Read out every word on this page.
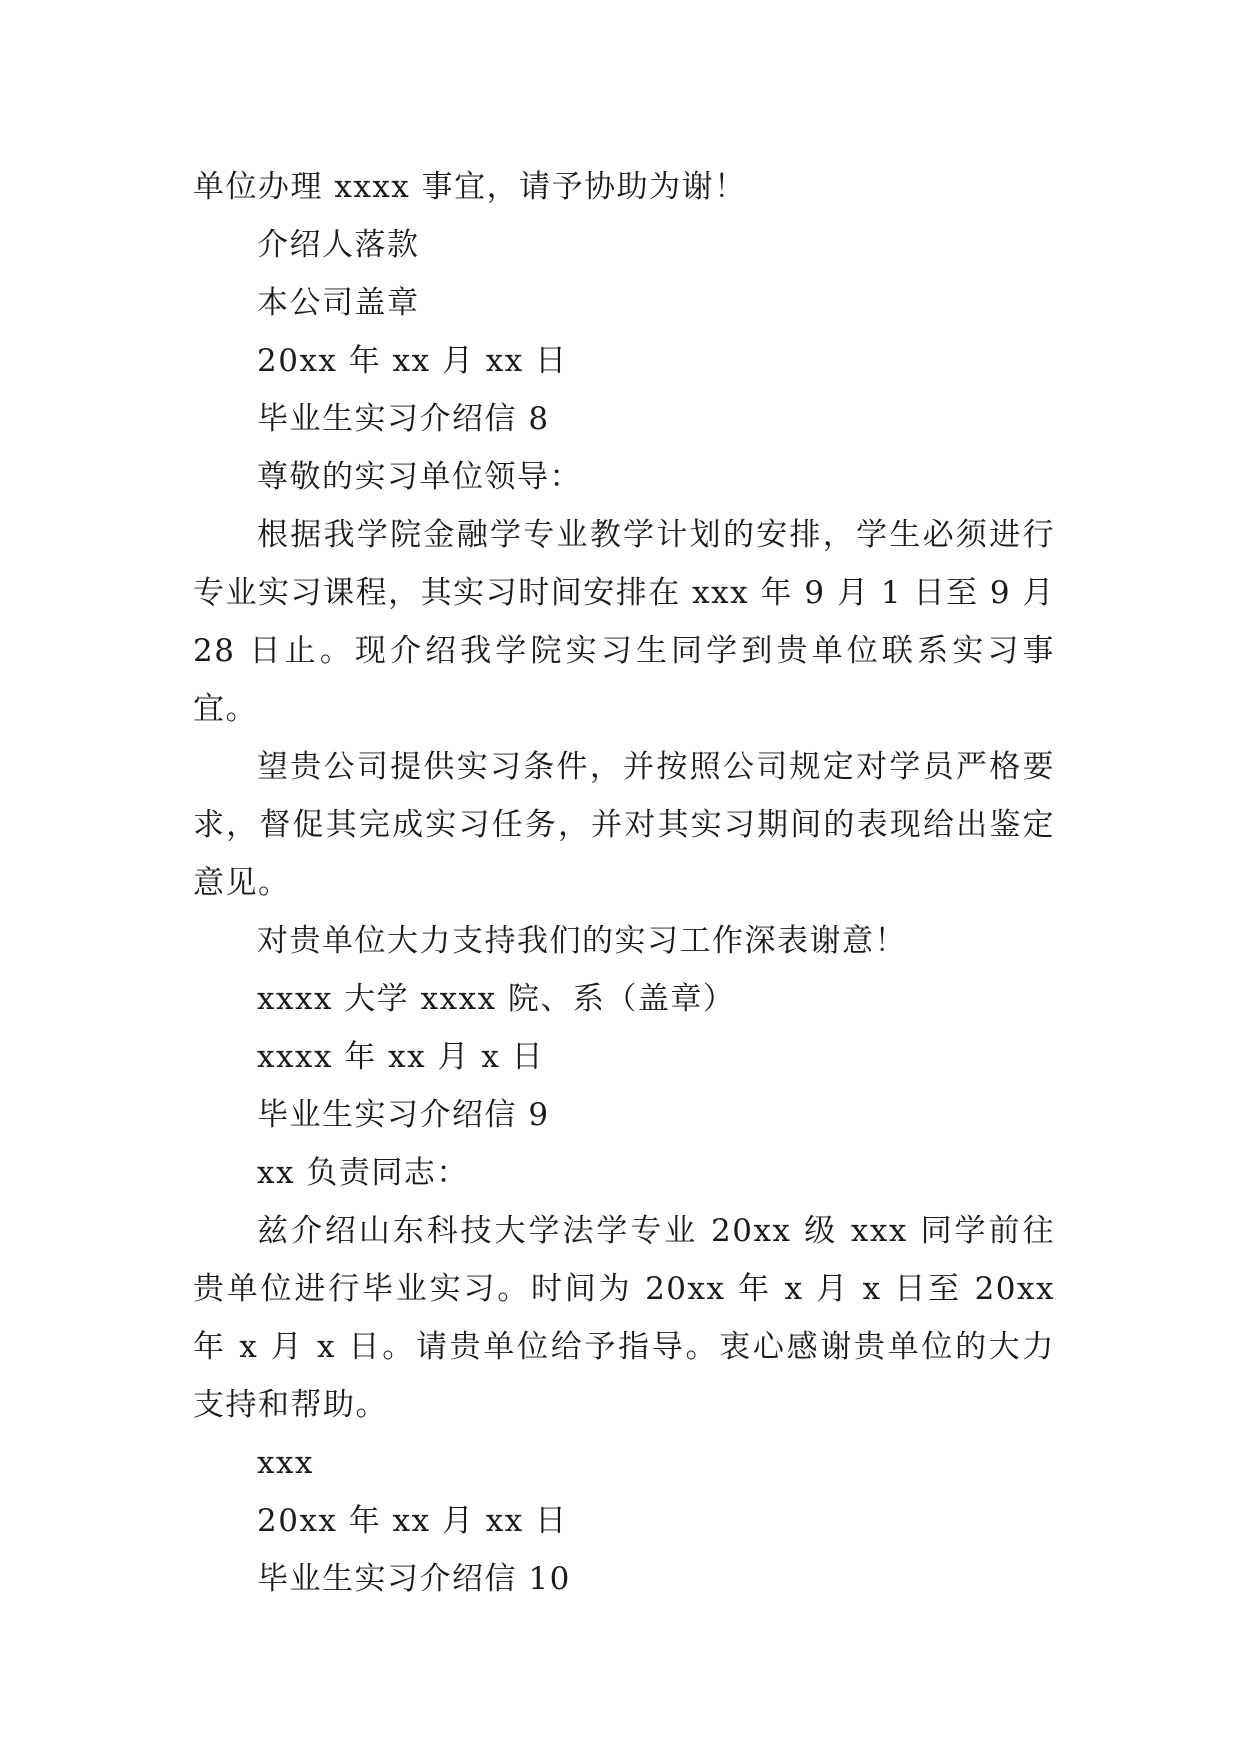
单位办理 xxxx 事宜，请予协助为谢！

介绍人落款

本公司盖章

20xx 年 xx 月 xx 日

毕业生实习介绍信 8

尊敬的实习单位领导：

根据我学院金融学专业教学计划的安排，学生必须进行专业实习课程，其实习时间安排在 xxx 年 9 月 1 日至 9 月 28 日止。现介绍我学院实习生同学到贵单位联系实习事宜。

望贵公司提供实习条件，并按照公司规定对学员严格要求，督促其完成实习任务，并对其实习期间的表现给出鉴定意见。

对贵单位大力支持我们的实习工作深表谢意！

xxxx 大学 xxxx 院、系（盖章）

xxxx 年 xx 月 x 日

毕业生实习介绍信 9

xx 负责同志：

兹介绍山东科技大学法学专业 20xx 级 xxx 同学前往贵单位进行毕业实习。时间为 20xx 年 x 月 x 日至 20xx 年 x 月 x 日。请贵单位给予指导。衷心感谢贵单位的大力支持和帮助。

xxx

20xx 年 xx 月 xx 日

毕业生实习介绍信 10
